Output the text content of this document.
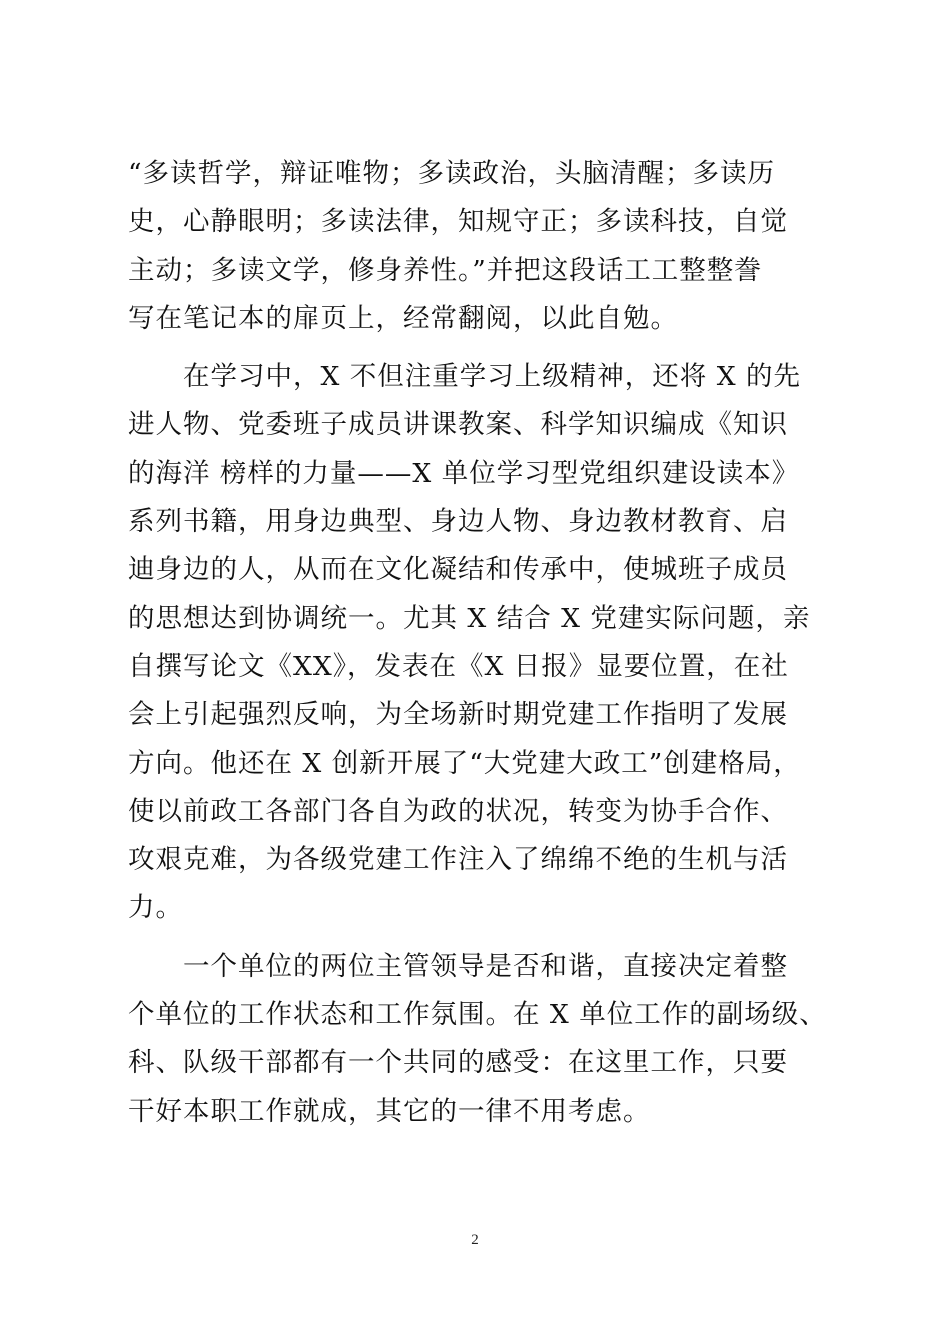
“多读哲学，辩证唯物；多读政治，头脑清醒；多读历
史，心静眼明；多读法律，知规守正；多读科技，自觉
主动；多读文学，修身养性。”并把这段话工工整整誊
写在笔记本的扉页上，经常翻阅，以此自勉。
　　在学习中，X 不但注重学习上级精神，还将 X 的先
进人物、党委班子成员讲课教案、科学知识编成《知识
的海洋 榜样的力量——X 单位学习型党组织建设读本》
系列书籍，用身边典型、身边人物、身边教材教育、启
迪身边的人，从而在文化凝结和传承中，使城班子成员
的思想达到协调统一。尤其 X 结合 X 党建实际问题，亲
自撰写论文《XX》，发表在《X 日报》显要位置，在社
会上引起强烈反响，为全场新时期党建工作指明了发展
方向。他还在 X 创新开展了“大党建大政工”创建格局，
使以前政工各部门各自为政的状况，转变为协手合作、
攻艰克难，为各级党建工作注入了绵绵不绝的生机与活
力。
　　一个单位的两位主管领导是否和谐，直接决定着整
个单位的工作状态和工作氛围。在 X 单位工作的副场级、
科、队级干部都有一个共同的感受：在这里工作，只要
干好本职工作就成，其它的一律不用考虑。
2
